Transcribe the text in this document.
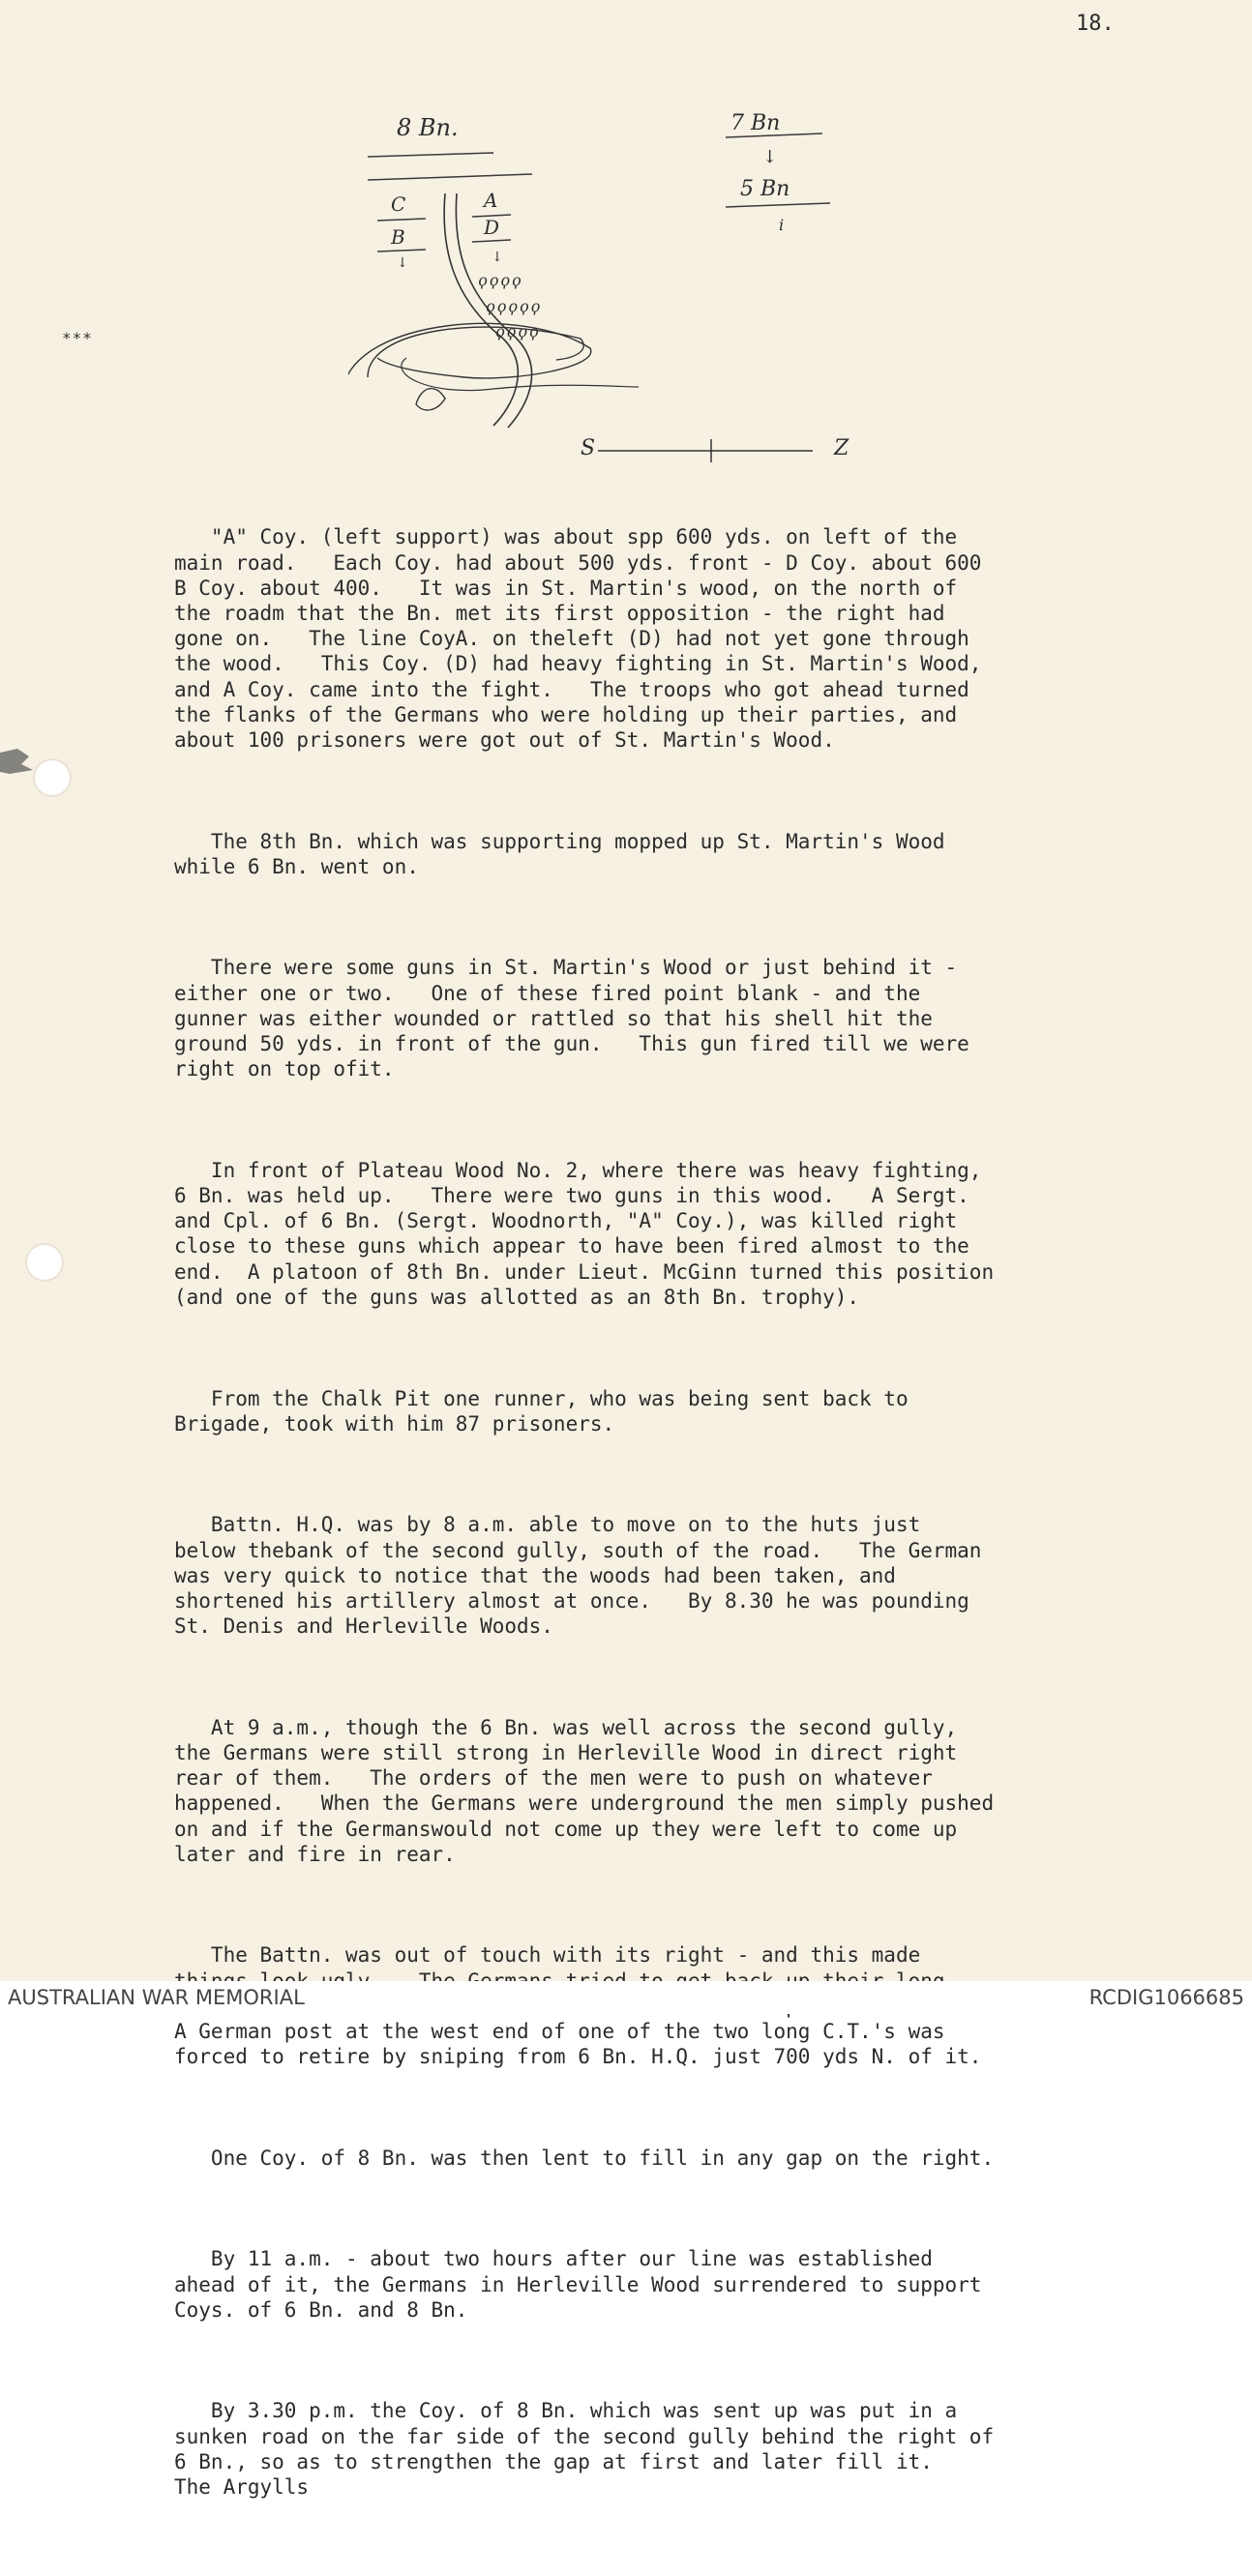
18.
***
8 Bn.	7 Bn
↓
5 Bn
i
C	A
B	D
↓	↓
ϙϙϙϙ
ϙϙϙϙϙ
ϙϙϙϙ
S	Z

"A" Coy. (left support) was about spp 600 yds. on left of the
main road.   Each Coy. had about 500 yds. front - D Coy. about 600
B Coy. about 400.   It was in St. Martin's wood, on the north of
the roadm that the Bn. met its first opposition - the right had
gone on.   The line CoyA. on theleft (D) had not yet gone through
the wood.   This Coy. (D) had heavy fighting in St. Martin's Wood,
and A Coy. came into the fight.   The troops who got ahead turned
the flanks of the Germans who were holding up their parties, and
about 100 prisoners were got out of St. Martin's Wood.

The 8th Bn. which was supporting mopped up St. Martin's Wood
while 6 Bn. went on.

There were some guns in St. Martin's Wood or just behind it -
either one or two.   One of these fired point blank - and the
gunner was either wounded or rattled so that his shell hit the
ground 50 yds. in front of the gun.   This gun fired till we were
right on top ofit.

In front of Plateau Wood No. 2, where there was heavy fighting,
6 Bn. was held up.   There were two guns in this wood.   A Sergt.
and Cpl. of 6 Bn. (Sergt. Woodnorth, "A" Coy.), was killed right
close to these guns which appear to have been fired almost to the
end.  A platoon of 8th Bn. under Lieut. McGinn turned this position
(and one of the guns was allotted as an 8th Bn. trophy).

From the Chalk Pit one runner, who was being sent back to
Brigade, took with him 87 prisoners.

Battn. H.Q. was by 8 a.m. able to move on to the huts just
below thebank of the second gully, south of the road.   The German
was very quick to notice that the woods had been taken, and
shortened his artillery almost at once.   By 8.30 he was pounding
St. Denis and Herleville Woods.

At 9 a.m., though the 6 Bn. was well across the second gully,
the Germans were still strong in Herleville Wood in direct right
rear of them.   The orders of the men were to push on whatever
happened.   When the Germans were underground the men simply pushed
on and if the Germanswould not come up they were left to come up
later and fire in rear.

The Battn. was out of touch with its right - and this made

A German post at the west end of one of the two long C.T.'s was
forced to retire by sniping from 6 Bn. H.Q. just 700 yds N. of it.

One Coy. of 8 Bn. was then lent to fill in any gap on the right.

By 11 a.m. - about two hours after our line was established
ahead of it, the Germans in Herleville Wood surrendered to support
Coys. of 6 Bn. and 8 Bn.

By 3.30 p.m. the Coy. of 8 Bn. which was sent up was put in a
sunken road on the far side of the second gully behind the right of
6 Bn., so as to strengthen the gap at first and later fill it.
The Argylls

AUSTRALIAN WAR MEMORIAL	RCDIG1066685
